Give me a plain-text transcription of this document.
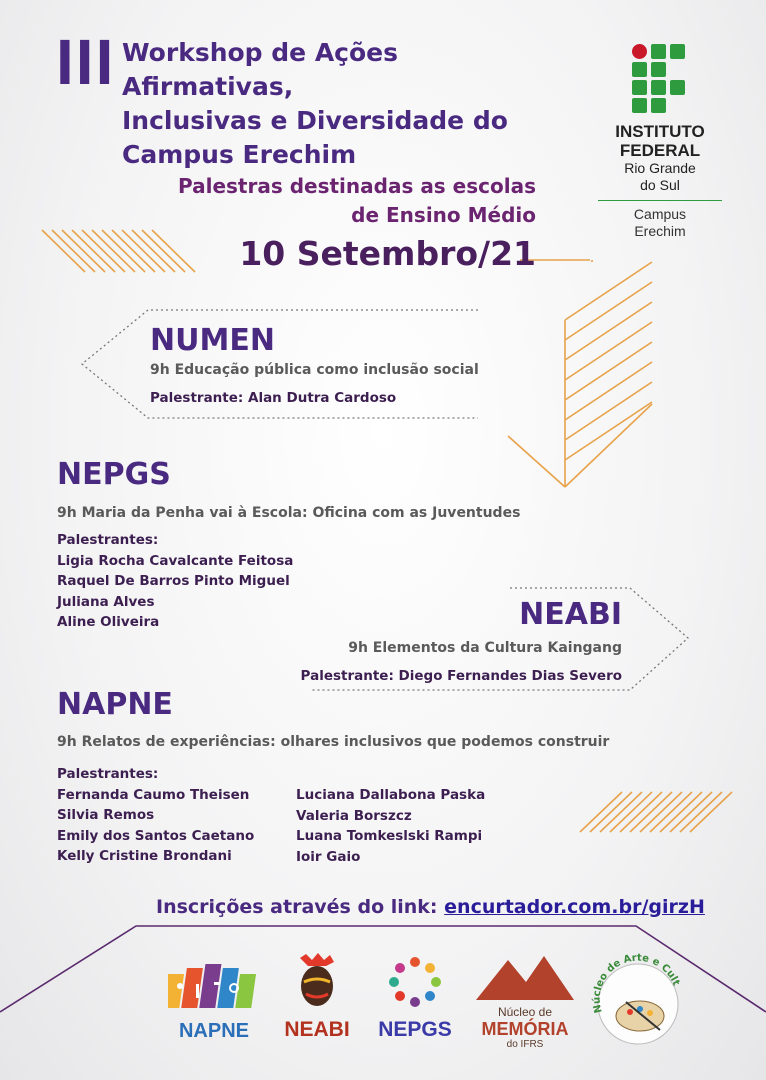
III Workshop de Ações Afirmativas,
Inclusivas e Diversidade do
Campus Erechim
Palestras destinadas as escolas
de Ensino Médio
10 Setembro/21
INSTITUTO
FEDERAL
Rio Grande
do Sul
Campus
Erechim
NUMEN
9h Educação pública como inclusão social
Palestrante: Alan Dutra Cardoso
NEPGS
9h Maria da Penha vai à Escola: Oficina com as Juventudes
Palestrantes:
Ligia Rocha Cavalcante Feitosa
Raquel De Barros Pinto Miguel
Juliana Alves
Aline Oliveira	NEABI
9h Elementos da Cultura Kaingang
Palestrante: Diego Fernandes Dias Severo
NAPNE
9h Relatos de experiências: olhares inclusivos que podemos construir
Palestrantes:
Fernanda Caumo Theisen
Silvia Remos
Emily dos Santos Caetano
Kelly Cristine Brondani
Luciana Dallabona Paska
Valeria Borszcz
Luana Tomkeslski Rampi
Ioir Gaio
Inscrições através do link: encurtador.com.br/girzH
NAPNE	NEABI	NEPGS
Núcleo de
MEMÓRIA
do IFRS
Núcleo de Arte e Cult
